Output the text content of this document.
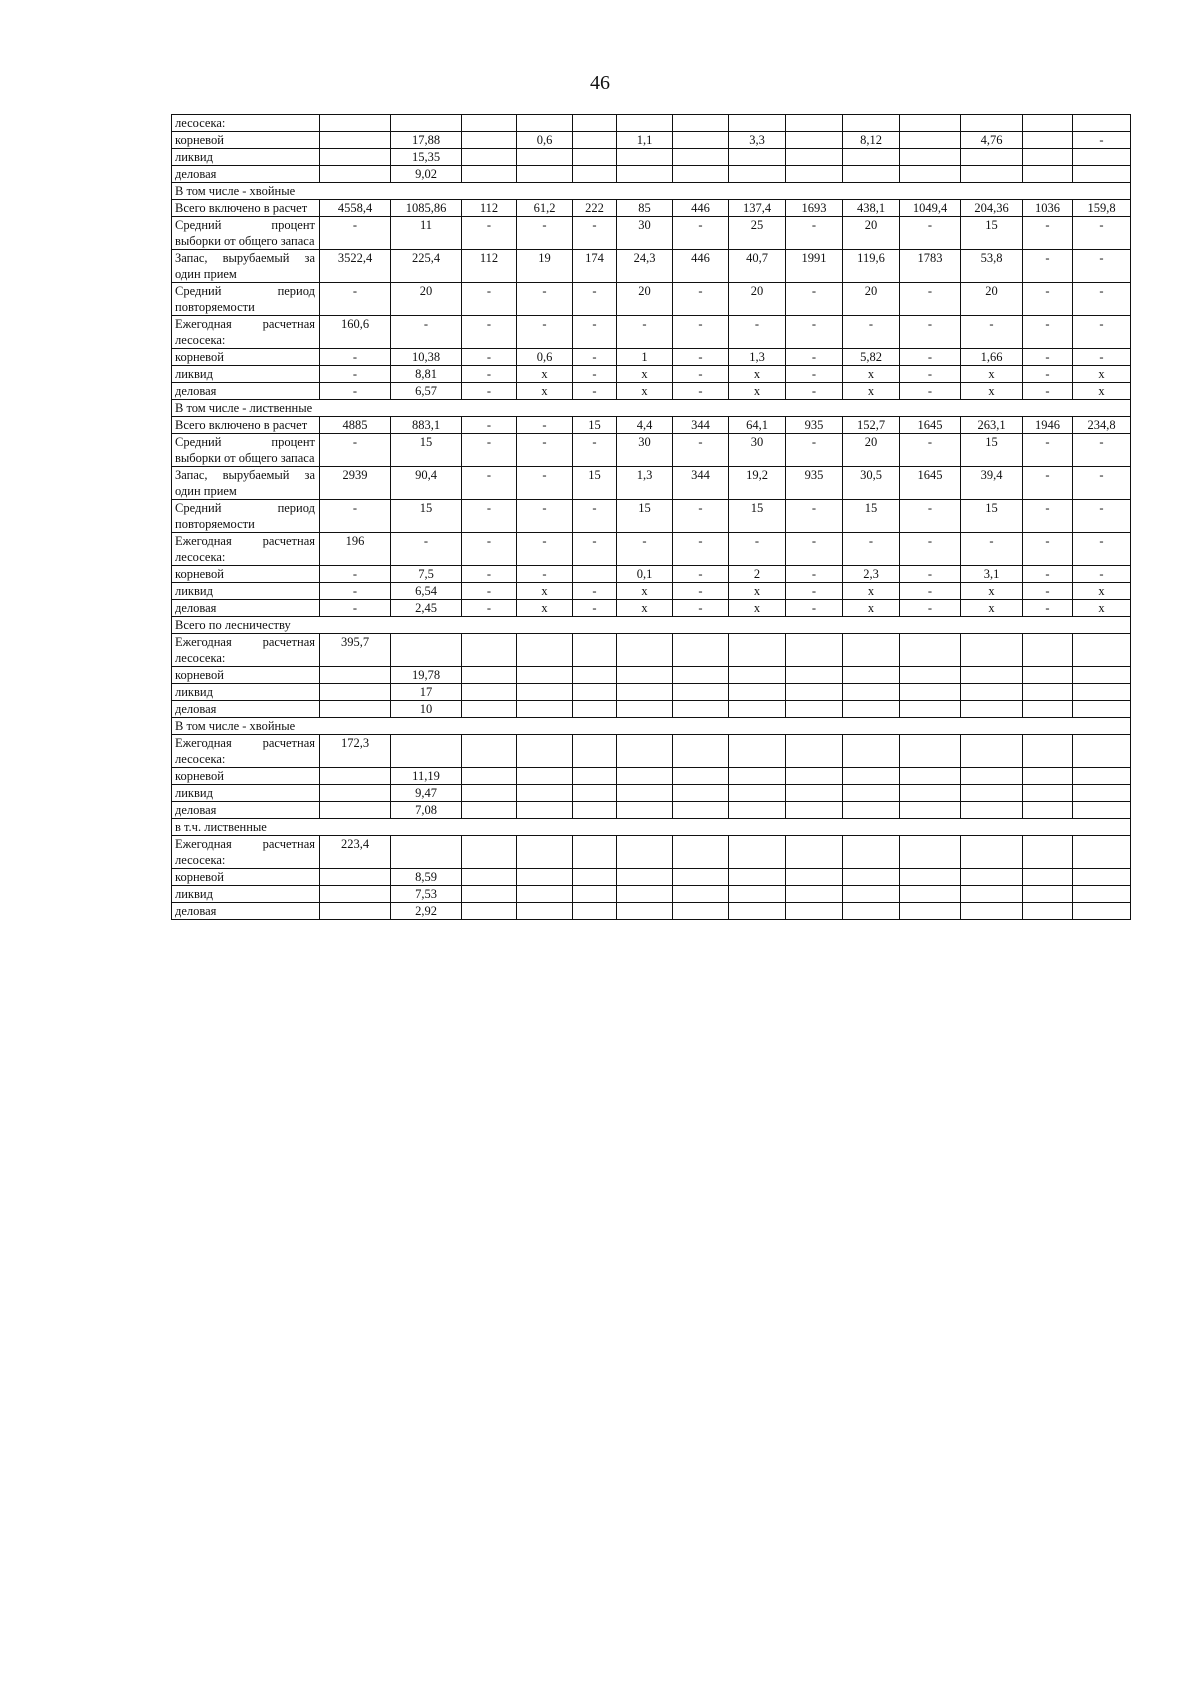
46
лесосека:														
корневой		17,88		0,6		1,1		3,3		8,12		4,76		-
ликвид		15,35												
деловая		9,02												
В том числе - хвойные														
Всего включено в расчет	4558,4	1085,86	112	61,2	222	85	446	137,4	1693	438,1	1049,4	204,36	1036	159,8
Средний процент выборки от общего запаса	-	11	-	-	-	30	-	25	-	20	-	15	-	-
Запас, вырубаемый за один прием	3522,4	225,4	112	19	174	24,3	446	40,7	1991	119,6	1783	53,8	-	-
Средний период повторяемости	-	20	-	-	-	20	-	20	-	20	-	20	-	-
Ежегодная расчетная лесосека:	160,6	-	-	-	-	-	-	-	-	-	-	-	-	-
корневой	-	10,38	-	0,6	-	1	-	1,3	-	5,82	-	1,66	-	-
ликвид	-	8,81	-	х	-	х	-	х	-	х	-	х	-	х
деловая	-	6,57	-	х	-	х	-	х	-	х	-	х	-	х
В том числе - лиственные														
Всего включено в расчет	4885	883,1	-	-	15	4,4	344	64,1	935	152,7	1645	263,1	1946	234,8
Средний процент выборки от общего запаса	-	15	-	-	-	30	-	30	-	20	-	15	-	-
Запас, вырубаемый за один прием	2939	90,4	-	-	15	1,3	344	19,2	935	30,5	1645	39,4	-	-
Средний период повторяемости	-	15	-	-	-	15	-	15	-	15	-	15	-	-
Ежегодная расчетная лесосека:	196	-	-	-	-	-	-	-	-	-	-	-	-	-
корневой	-	7,5	-	-		0,1	-	2	-	2,3	-	3,1	-	-
ликвид	-	6,54	-	х	-	х	-	х	-	х	-	х	-	х
деловая	-	2,45	-	х	-	х	-	х	-	х	-	х	-	х
Всего по лесничеству														
Ежегодная расчетная лесосека:	395,7													
корневой		19,78												
ликвид		17												
деловая		10												
В том числе - хвойные														
Ежегодная расчетная лесосека:	172,3													
корневой		11,19												
ликвид		9,47												
деловая		7,08												
в т.ч. лиственные														
Ежегодная расчетная лесосека:	223,4													
корневой		8,59												
ликвид		7,53												
деловая		2,92												
